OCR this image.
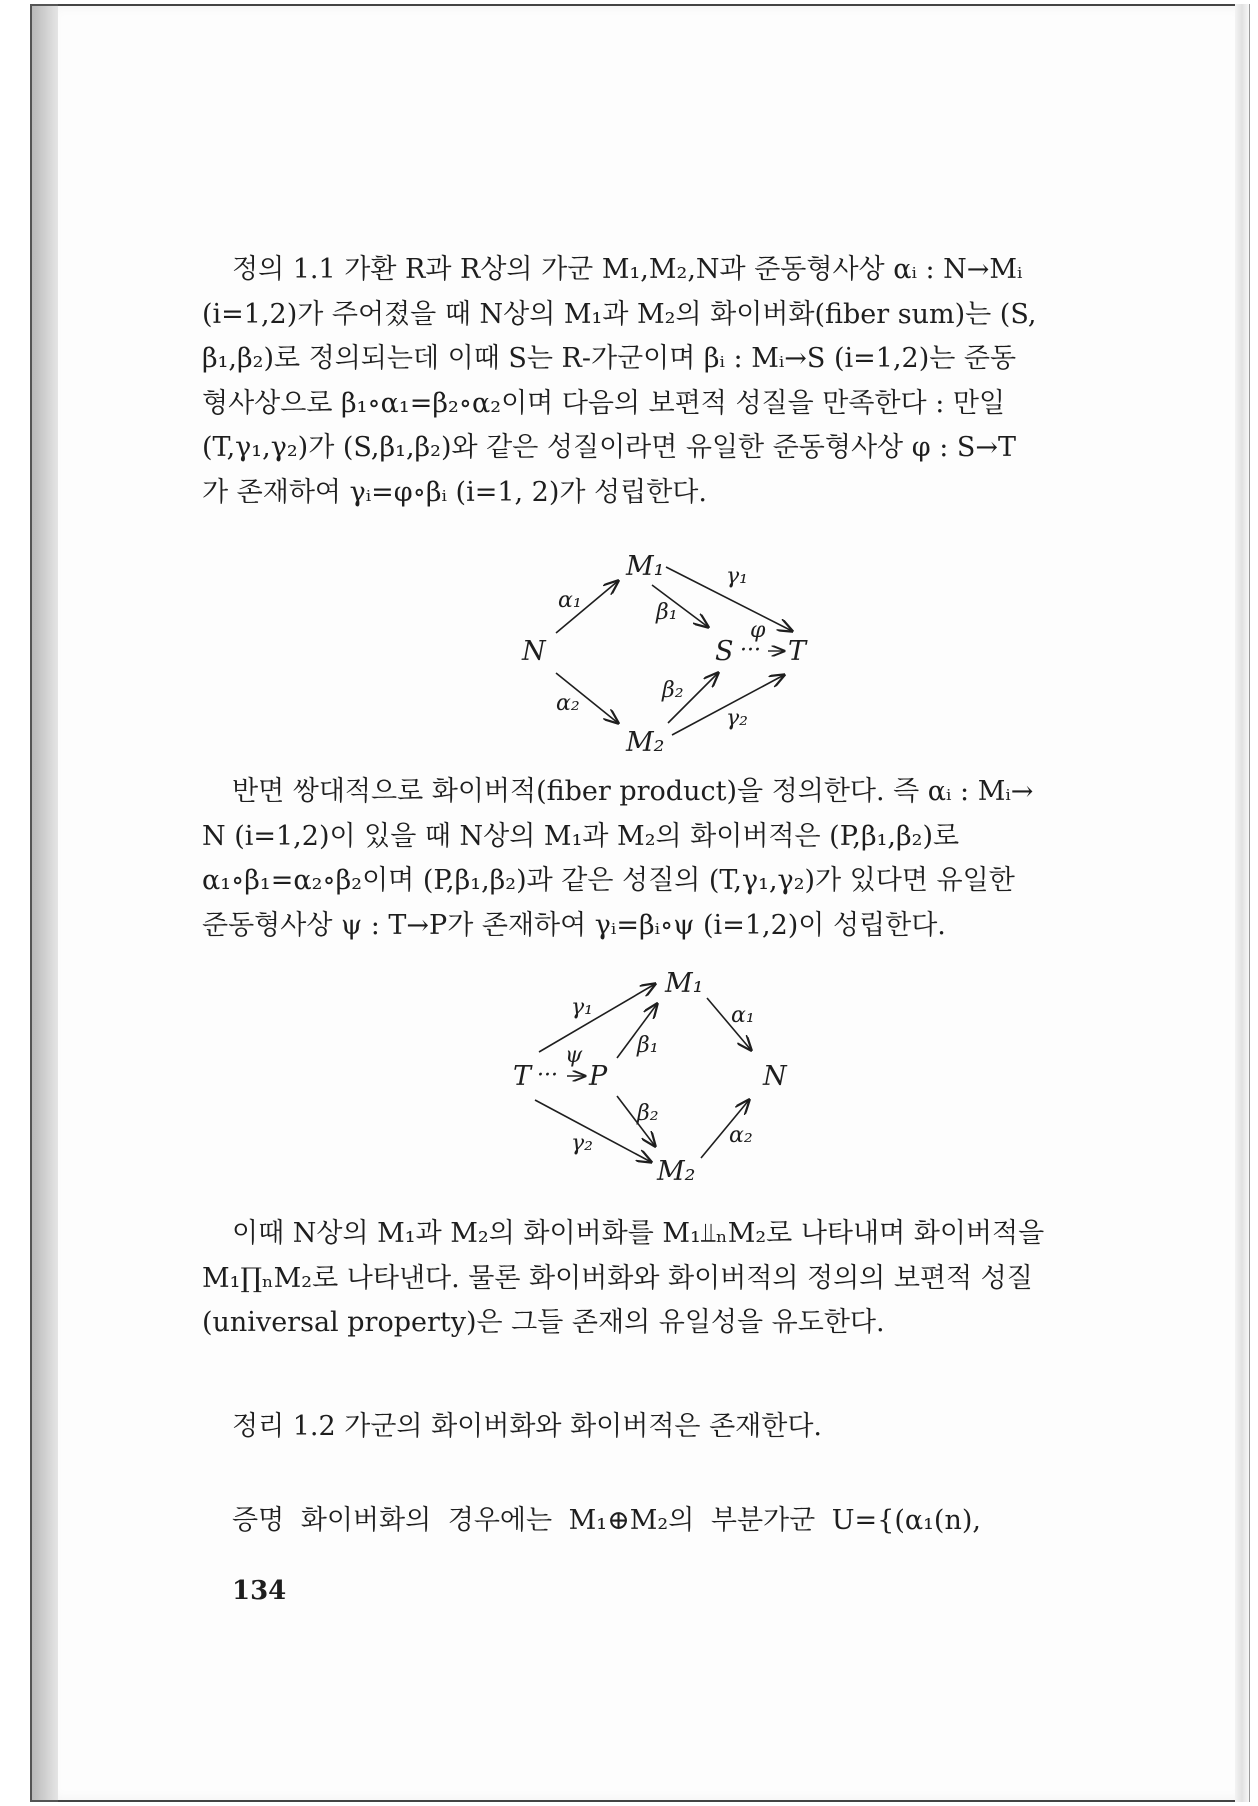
정의 1.1 가환 R과 R상의 가군 M₁,M₂,N과 준동형사상 αᵢ : N→Mᵢ
(i=1,2)가 주어졌을 때 N상의 M₁과 M₂의 화이버화(fiber sum)는 (S,
β₁,β₂)로 정의되는데 이때 S는 R-가군이며 βᵢ : Mᵢ→S (i=1,2)는 준동
형사상으로 β₁∘α₁=β₂∘α₂이며 다음의 보편적 성질을 만족한다 : 만일
(T,γ₁,γ₂)가 (S,β₁,β₂)와 같은 성질이라면 유일한 준동형사상 φ : S→T
가 존재하여 γᵢ=φ∘βᵢ (i=1, 2)가 성립한다.
M₁
N	S ··· T
M₂
α₁
α₂
β₁
β₂
γ₁
γ₂
φ
반면 쌍대적으로 화이버적(fiber product)을 정의한다. 즉 αᵢ : Mᵢ→
N (i=1,2)이 있을 때 N상의 M₁과 M₂의 화이버적은 (P,β₁,β₂)로
α₁∘β₁=α₂∘β₂이며 (P,β₁,β₂)과 같은 성질의 (T,γ₁,γ₂)가 있다면 유일한
준동형사상 ψ : T→P가 존재하여 γᵢ=βᵢ∘ψ (i=1,2)이 성립한다.
M₁
T ··· P	N
M₂
γ₁
γ₂
ψ β₁
β₂
α₁
α₂
이때 N상의 M₁과 M₂의 화이버화를 M₁⫫ₙM₂로 나타내며 화이버적을
M₁∏ₙM₂로 나타낸다. 물론 화이버화와 화이버적의 정의의 보편적 성질
(universal property)은 그들 존재의 유일성을 유도한다.
정리 1.2 가군의 화이버화와 화이버적은 존재한다.
증명 화이버화의 경우에는 M₁⊕M₂의 부분가군 U={(α₁(n),
134
